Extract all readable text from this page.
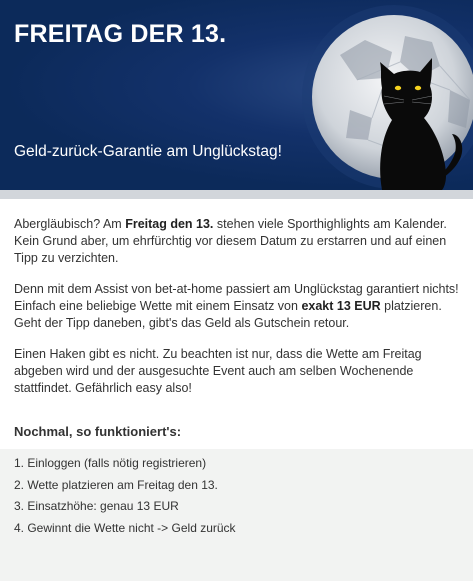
FREITAG DER 13.
Geld-zurück-Garantie am Unglückstag!

Abergläubisch? Am Freitag den 13. stehen viele Sporthighlights am Kalender. Kein Grund aber, um ehrfürchtig vor diesem Datum zu erstarren und auf einen Tipp zu verzichten.

Denn mit dem Assist von bet-at-home passiert am Unglückstag garantiert nichts! Einfach eine beliebige Wette mit einem Einsatz von exakt 13 EUR platzieren. Geht der Tipp daneben, gibt's das Geld als Gutschein retour.

Einen Haken gibt es nicht. Zu beachten ist nur, dass die Wette am Freitag abgeben wird und der ausgesuchte Event auch am selben Wochenende stattfindet. Gefährlich easy also!

Nochmal, so funktioniert's:
1. Einloggen (falls nötig registrieren)
2. Wette platzieren am Freitag den 13.
3. Einsatzhöhe: genau 13 EUR
4. Gewinnt die Wette nicht -> Geld zurück
